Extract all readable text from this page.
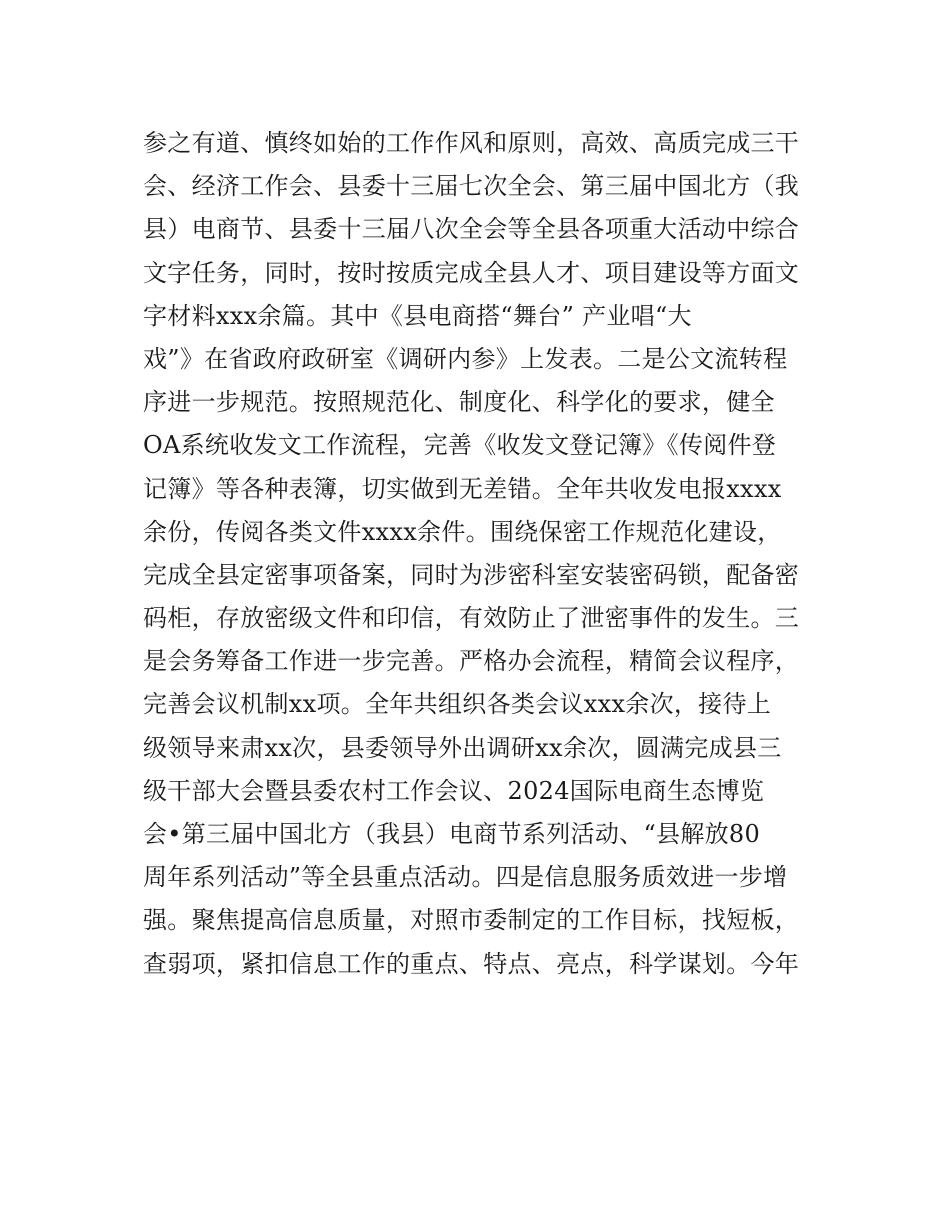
参之有道、慎终如始的工作作风和原则，高效、高质完成三干
会、经济工作会、县委十三届七次全会、第三届中国北方（我
县）电商节、县委十三届八次全会等全县各项重大活动中综合
文字任务，同时，按时按质完成全县人才、项目建设等方面文
字材料xxx余篇。其中《县电商搭“舞台” 产业唱“大
戏”》在省政府政研室《调研内参》上发表。二是公文流转程
序进一步规范。按照规范化、制度化、科学化的要求，健全
OA系统收发文工作流程，完善《收发文登记簿》《传阅件登
记簿》等各种表簿，切实做到无差错。全年共收发电报xxxx
余份，传阅各类文件xxxx余件。围绕保密工作规范化建设，
完成全县定密事项备案，同时为涉密科室安装密码锁，配备密
码柜，存放密级文件和印信，有效防止了泄密事件的发生。三
是会务筹备工作进一步完善。严格办会流程，精简会议程序，
完善会议机制xx项。全年共组织各类会议xxx余次，接待上
级领导来肃xx次，县委领导外出调研xx余次，圆满完成县三
级干部大会暨县委农村工作会议、2024国际电商生态博览
会•第三届中国北方（我县）电商节系列活动、“县解放80
周年系列活动”等全县重点活动。四是信息服务质效进一步增
强。聚焦提高信息质量，对照市委制定的工作目标，找短板，
查弱项，紧扣信息工作的重点、特点、亮点，科学谋划。今年
